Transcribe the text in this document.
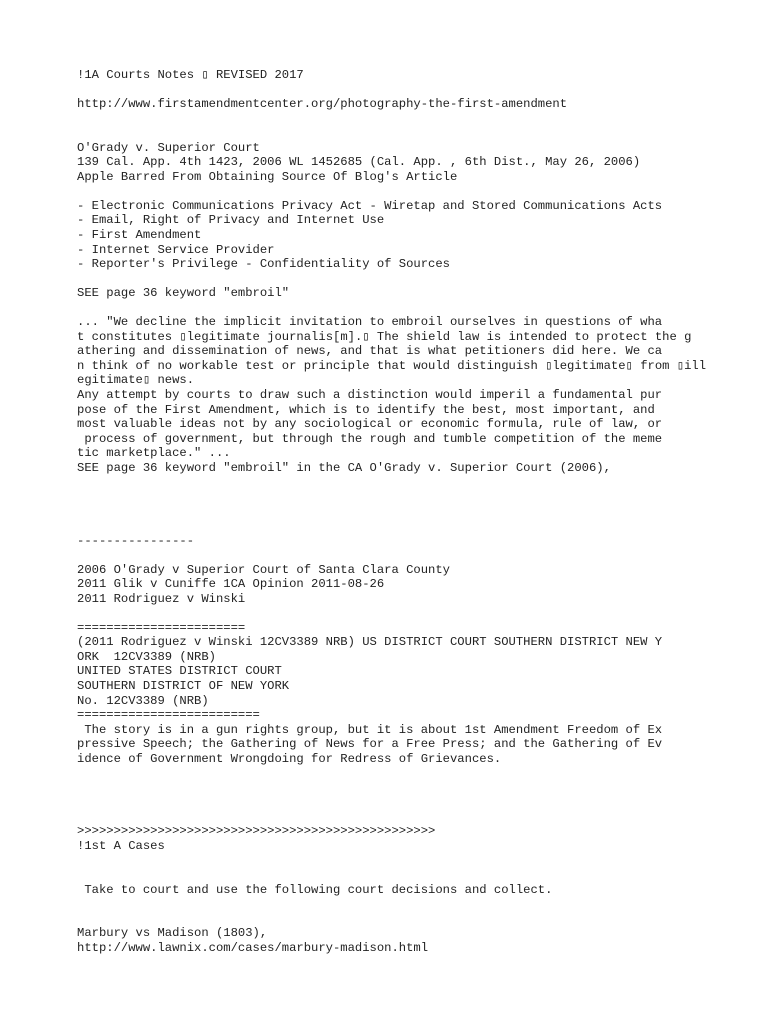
!1A Courts Notes ▯ REVISED 2017
http://www.firstamendmentcenter.org/photography-the-first-amendment
O'Grady v. Superior Court
139 Cal. App. 4th 1423, 2006 WL 1452685 (Cal. App. , 6th Dist., May 26, 2006)
Apple Barred From Obtaining Source Of Blog's Article
- Electronic Communications Privacy Act - Wiretap and Stored Communications Acts
- Email, Right of Privacy and Internet Use
- First Amendment
- Internet Service Provider
- Reporter's Privilege - Confidentiality of Sources
SEE page 36 keyword "embroil"
... "We decline the implicit invitation to embroil ourselves in questions of wha
t constitutes ▯legitimate journalis[m].▯ The shield law is intended to protect the g
athering and dissemination of news, and that is what petitioners did here. We ca
n think of no workable test or principle that would distinguish ▯legitimate▯ from ▯ill
egitimate▯ news.
Any attempt by courts to draw such a distinction would imperil a fundamental pur
pose of the First Amendment, which is to identify the best, most important, and
most valuable ideas not by any sociological or economic formula, rule of law, or
process of government, but through the rough and tumble competition of the meme
tic marketplace." ...
SEE page 36 keyword "embroil" in the CA O'Grady v. Superior Court (2006),
----------------
2006 O'Grady v Superior Court of Santa Clara County
2011 Glik v Cuniffe 1CA Opinion 2011-08-26
2011 Rodriguez v Winski
=======================
(2011 Rodriguez v Winski 12CV3389 NRB) US DISTRICT COURT SOUTHERN DISTRICT NEW Y
ORK  12CV3389 (NRB)
UNITED STATES DISTRICT COURT
SOUTHERN DISTRICT OF NEW YORK
No. 12CV3389 (NRB)
=========================
The story is in a gun rights group, but it is about 1st Amendment Freedom of Ex
pressive Speech; the Gathering of News for a Free Press; and the Gathering of Ev
idence of Government Wrongdoing for Redress of Grievances.
>>>>>>>>>>>>>>>>>>>>>>>>>>>>>>>>>>>>>>>>>>>>>>>>>
!1st A Cases
Take to court and use the following court decisions and collect.
Marbury vs Madison (1803),
http://www.lawnix.com/cases/marbury-madison.html
